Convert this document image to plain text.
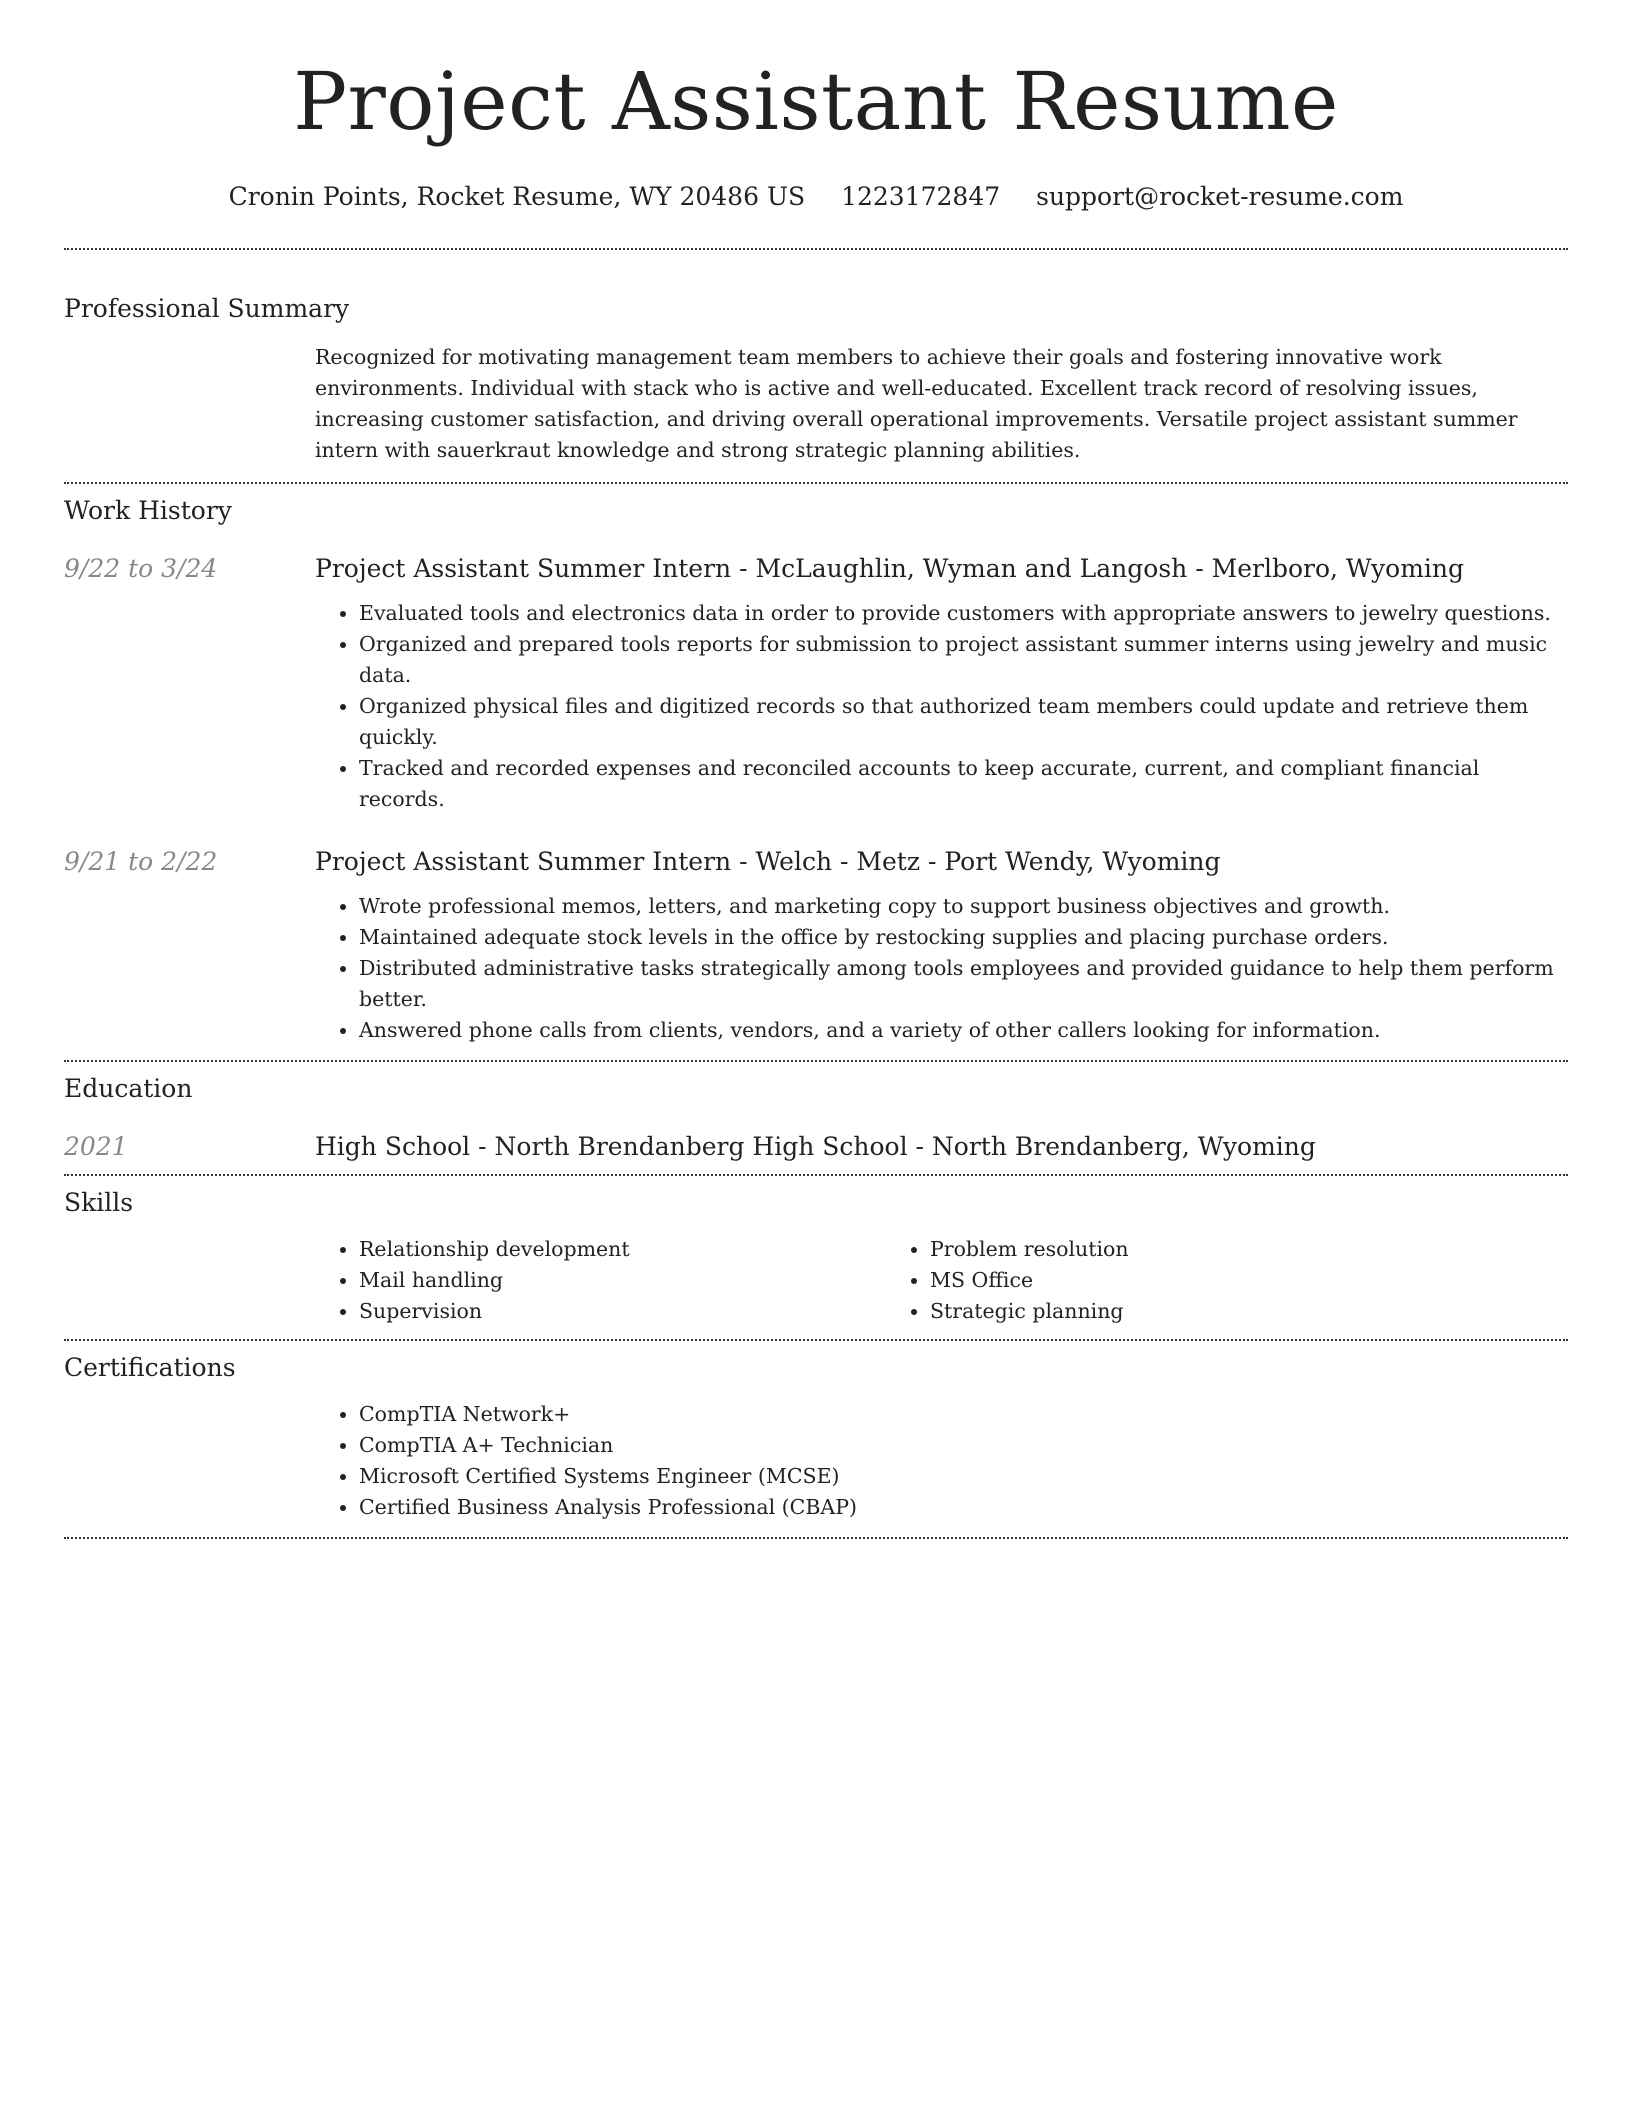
Project Assistant Resume
Cronin Points, Rocket Resume, WY 20486 US 1223172847 support@rocket-resume.com
Professional Summary

Recognized for motivating management team members to achieve their goals and fostering innovative work environments. Individual with stack who is active and well-educated. Excellent track record of resolving issues, increasing customer satisfaction, and driving overall operational improvements. Versatile project assistant summer intern with sauerkraut knowledge and strong strategic planning abilities.

Work History
9/22 to 3/24	Project Assistant Summer Intern - McLaughlin, Wyman and Langosh - Merlboro, Wyoming
• Evaluated tools and electronics data in order to provide customers with appropriate answers to jewelry questions.
• Organized and prepared tools reports for submission to project assistant summer interns using jewelry and music data.
• Organized physical files and digitized records so that authorized team members could update and retrieve them quickly.
• Tracked and recorded expenses and reconciled accounts to keep accurate, current, and compliant financial records.
9/21 to 2/22	Project Assistant Summer Intern - Welch - Metz - Port Wendy, Wyoming
• Wrote professional memos, letters, and marketing copy to support business objectives and growth.
• Maintained adequate stock levels in the office by restocking supplies and placing purchase orders.
• Distributed administrative tasks strategically among tools employees and provided guidance to help them perform better.
• Answered phone calls from clients, vendors, and a variety of other callers looking for information.
Education
2021	High School - North Brendanberg High School - North Brendanberg, Wyoming
Skills
• Relationship development
• Mail handling
• Supervision
• Problem resolution
• MS Office
• Strategic planning
Certifications
• CompTIA Network+
• CompTIA A+ Technician
• Microsoft Certified Systems Engineer (MCSE)
• Certified Business Analysis Professional (CBAP)
